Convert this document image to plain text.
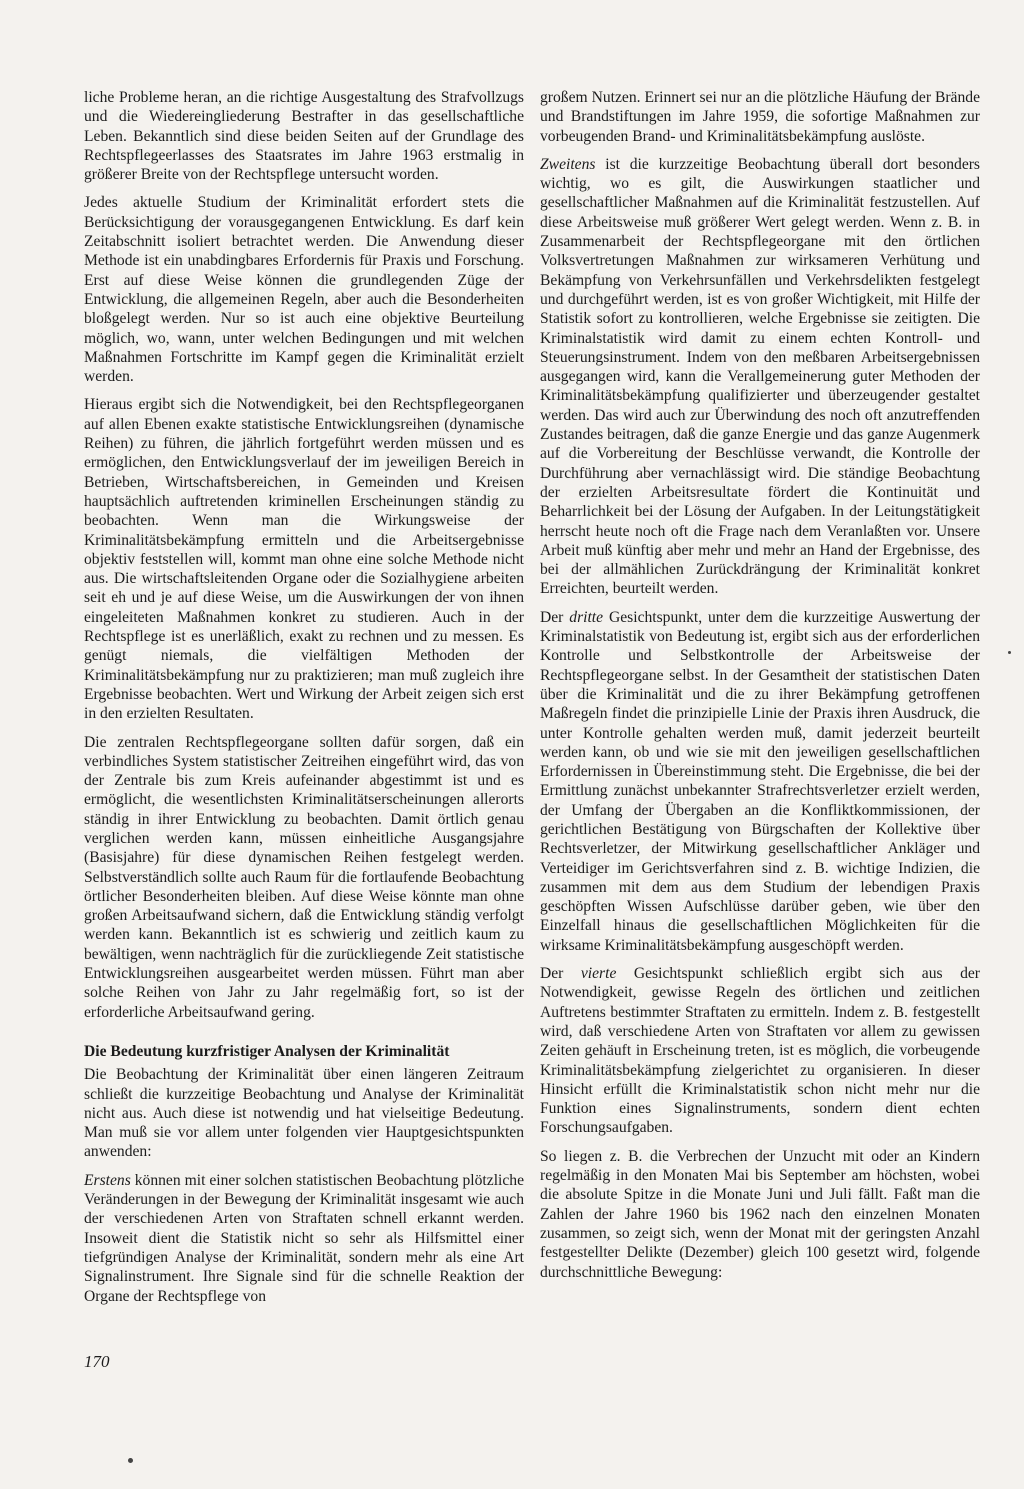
liche Probleme heran, an die richtige Ausgestaltung des Strafvollzugs und die Wiedereingliederung Bestrafter in das gesellschaftliche Leben. Bekanntlich sind diese beiden Seiten auf der Grundlage des Rechtspflegeerlasses des Staatsrates im Jahre 1963 erstmalig in größerer Breite von der Rechtspflege untersucht worden.

Jedes aktuelle Studium der Kriminalität erfordert stets die Berücksichtigung der vorausgegangenen Entwicklung. Es darf kein Zeitabschnitt isoliert betrachtet werden. Die Anwendung dieser Methode ist ein unabdingbares Erfordernis für Praxis und Forschung. Erst auf diese Weise können die grundlegenden Züge der Entwicklung, die allgemeinen Regeln, aber auch die Besonderheiten bloßgelegt werden. Nur so ist auch eine objektive Beurteilung möglich, wo, wann, unter welchen Bedingungen und mit welchen Maßnahmen Fortschritte im Kampf gegen die Kriminalität erzielt werden.

Hieraus ergibt sich die Notwendigkeit, bei den Rechtspflegeorganen auf allen Ebenen exakte statistische Entwicklungsreihen (dynamische Reihen) zu führen, die jährlich fortgeführt werden müssen und es ermöglichen, den Entwicklungsverlauf der im jeweiligen Bereich in Betrieben, Wirtschaftsbereichen, in Gemeinden und Kreisen hauptsächlich auftretenden kriminellen Erscheinungen ständig zu beobachten. Wenn man die Wirkungsweise der Kriminalitätsbekämpfung ermitteln und die Arbeitsergebnisse objektiv feststellen will, kommt man ohne eine solche Methode nicht aus. Die wirtschaftsleitenden Organe oder die Sozialhygiene arbeiten seit eh und je auf diese Weise, um die Auswirkungen der von ihnen eingeleiteten Maßnahmen konkret zu studieren. Auch in der Rechtspflege ist es unerläßlich, exakt zu rechnen und zu messen. Es genügt niemals, die vielfältigen Methoden der Kriminalitätsbekämpfung nur zu praktizieren; man muß zugleich ihre Ergebnisse beobachten. Wert und Wirkung der Arbeit zeigen sich erst in den erzielten Resultaten.

Die zentralen Rechtspflegeorgane sollten dafür sorgen, daß ein verbindliches System statistischer Zeitreihen eingeführt wird, das von der Zentrale bis zum Kreis aufeinander abgestimmt ist und es ermöglicht, die wesentlichsten Kriminalitätserscheinungen allerorts ständig in ihrer Entwicklung zu beobachten. Damit örtlich genau verglichen werden kann, müssen einheitliche Ausgangsjahre (Basisjahre) für diese dynamischen Reihen festgelegt werden. Selbstverständlich sollte auch Raum für die fortlaufende Beobachtung örtlicher Besonderheiten bleiben. Auf diese Weise könnte man ohne großen Arbeitsaufwand sichern, daß die Entwicklung ständig verfolgt werden kann. Bekanntlich ist es schwierig und zeitlich kaum zu bewältigen, wenn nachträglich für die zurückliegende Zeit statistische Entwicklungsreihen ausgearbeitet werden müssen. Führt man aber solche Reihen von Jahr zu Jahr regelmäßig fort, so ist der erforderliche Arbeitsaufwand gering.

Die Bedeutung kurzfristiger Analysen der Kriminalität

Die Beobachtung der Kriminalität über einen längeren Zeitraum schließt die kurzzeitige Beobachtung und Analyse der Kriminalität nicht aus. Auch diese ist notwendig und hat vielseitige Bedeutung. Man muß sie vor allem unter folgenden vier Hauptgesichtspunkten anwenden:

Erstens können mit einer solchen statistischen Beobachtung plötzliche Veränderungen in der Bewegung der Kriminalität insgesamt wie auch der verschiedenen Arten von Straftaten schnell erkannt werden. Insoweit dient die Statistik nicht so sehr als Hilfsmittel einer tiefgründigen Analyse der Kriminalität, sondern mehr als eine Art Signalinstrument. Ihre Signale sind für die schnelle Reaktion der Organe der Rechtspflege von

großem Nutzen. Erinnert sei nur an die plötzliche Häufung der Brände und Brandstiftungen im Jahre 1959, die sofortige Maßnahmen zur vorbeugenden Brand- und Kriminalitätsbekämpfung auslöste.

Zweitens ist die kurzzeitige Beobachtung überall dort besonders wichtig, wo es gilt, die Auswirkungen staatlicher und gesellschaftlicher Maßnahmen auf die Kriminalität festzustellen. Auf diese Arbeitsweise muß größerer Wert gelegt werden. Wenn z. B. in Zusammenarbeit der Rechtspflegeorgane mit den örtlichen Volksvertretungen Maßnahmen zur wirksameren Verhütung und Bekämpfung von Verkehrsunfällen und Verkehrsdelikten festgelegt und durchgeführt werden, ist es von großer Wichtigkeit, mit Hilfe der Statistik sofort zu kontrollieren, welche Ergebnisse sie zeitigten. Die Kriminalstatistik wird damit zu einem echten Kontroll- und Steuerungsinstrument. Indem von den meßbaren Arbeitsergebnissen ausgegangen wird, kann die Verallgemeinerung guter Methoden der Kriminalitätsbekämpfung qualifizierter und überzeugender gestaltet werden. Das wird auch zur Überwindung des noch oft anzutreffenden Zustandes beitragen, daß die ganze Energie und das ganze Augenmerk auf die Vorbereitung der Beschlüsse verwandt, die Kontrolle der Durchführung aber vernachlässigt wird. Die ständige Beobachtung der erzielten Arbeitsresultate fördert die Kontinuität und Beharrlichkeit bei der Lösung der Aufgaben. In der Leitungstätigkeit herrscht heute noch oft die Frage nach dem Veranlaßten vor. Unsere Arbeit muß künftig aber mehr und mehr an Hand der Ergebnisse, des bei der allmählichen Zurückdrängung der Kriminalität konkret Erreichten, beurteilt werden.

Der dritte Gesichtspunkt, unter dem die kurzzeitige Auswertung der Kriminalstatistik von Bedeutung ist, ergibt sich aus der erforderlichen Kontrolle und Selbstkontrolle der Arbeitsweise der Rechtspflegeorgane selbst. In der Gesamtheit der statistischen Daten über die Kriminalität und die zu ihrer Bekämpfung getroffenen Maßregeln findet die prinzipielle Linie der Praxis ihren Ausdruck, die unter Kontrolle gehalten werden muß, damit jederzeit beurteilt werden kann, ob und wie sie mit den jeweiligen gesellschaftlichen Erfordernissen in Übereinstimmung steht. Die Ergebnisse, die bei der Ermittlung zunächst unbekannter Strafrechtsverletzer erzielt werden, der Umfang der Übergaben an die Konfliktkommissionen, der gerichtlichen Bestätigung von Bürgschaften der Kollektive über Rechtsverletzer, der Mitwirkung gesellschaftlicher Ankläger und Verteidiger im Gerichtsverfahren sind z. B. wichtige Indizien, die zusammen mit dem aus dem Studium der lebendigen Praxis geschöpften Wissen Aufschlüsse darüber geben, wie über den Einzelfall hinaus die gesellschaftlichen Möglichkeiten für die wirksame Kriminalitätsbekämpfung ausgeschöpft werden.

Der vierte Gesichtspunkt schließlich ergibt sich aus der Notwendigkeit, gewisse Regeln des örtlichen und zeitlichen Auftretens bestimmter Straftaten zu ermitteln. Indem z. B. festgestellt wird, daß verschiedene Arten von Straftaten vor allem zu gewissen Zeiten gehäuft in Erscheinung treten, ist es möglich, die vorbeugende Kriminalitätsbekämpfung zielgerichtet zu organisieren. In dieser Hinsicht erfüllt die Kriminalstatistik schon nicht mehr nur die Funktion eines Signalinstruments, sondern dient echten Forschungsaufgaben.

So liegen z. B. die Verbrechen der Unzucht mit oder an Kindern regelmäßig in den Monaten Mai bis September am höchsten, wobei die absolute Spitze in die Monate Juni und Juli fällt. Faßt man die Zahlen der Jahre 1960 bis 1962 nach den einzelnen Monaten zusammen, so zeigt sich, wenn der Monat mit der geringsten Anzahl festgestellter Delikte (Dezember) gleich 100 gesetzt wird, folgende durchschnittliche Bewegung:

170
